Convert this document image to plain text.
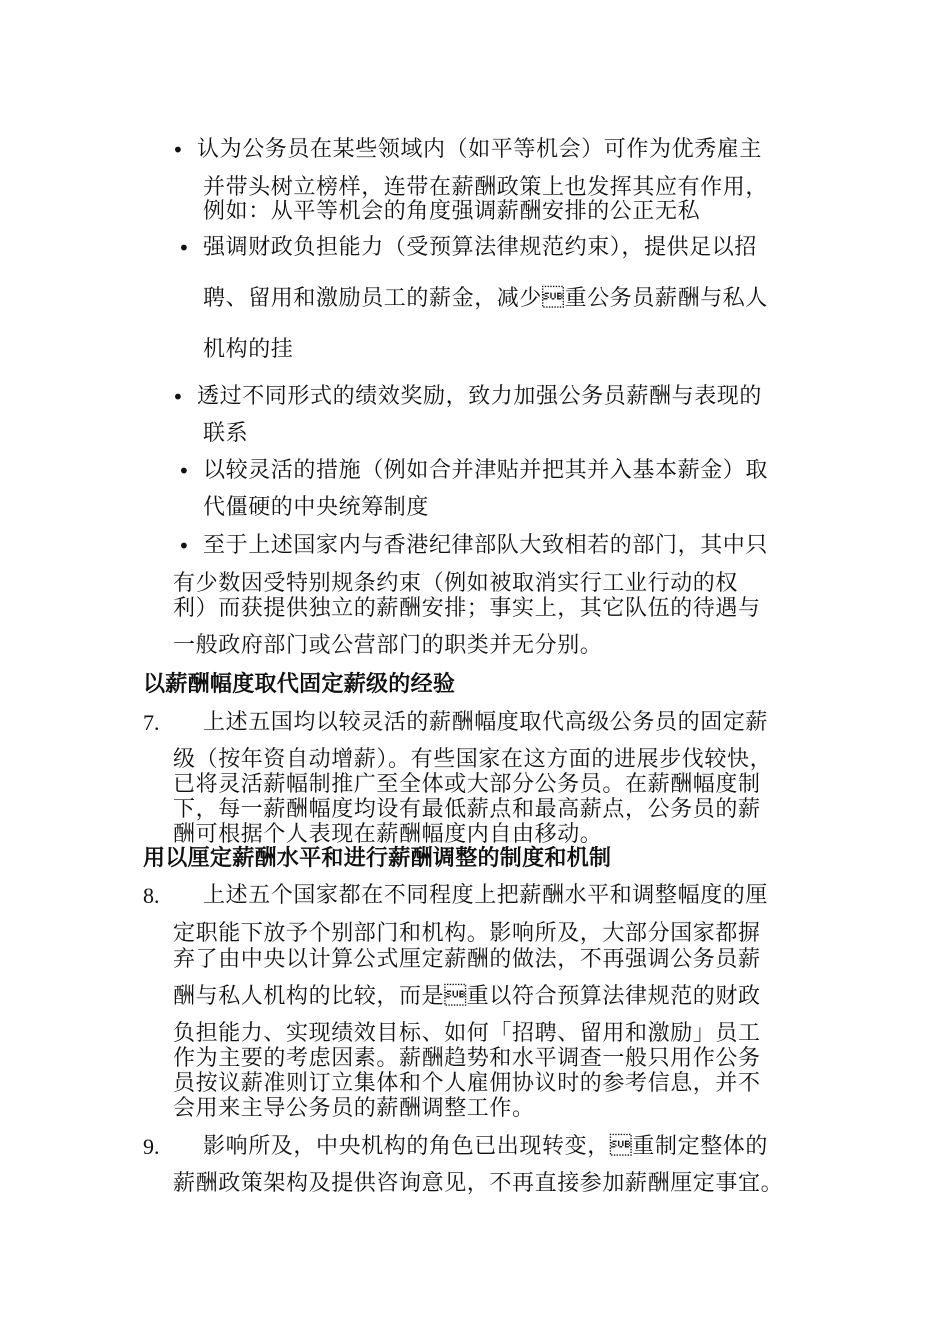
• 认为公务员在某些领域内（如平等机会）可作为优秀雇主
并带头树立榜样，连带在薪酬政策上也发挥其应有作用，
例如：从平等机会的角度强调薪酬安排的公正无私
• 强调财政负担能力（受预算法律规范约束），提供足以招
聘、留用和激励员工的薪金，减少重公务员薪酬与私人
机构的挂
• 透过不同形式的绩效奖励，致力加强公务员薪酬与表现的
联系
• 以较灵活的措施（例如合并津贴并把其并入基本薪金）取
代僵硬的中央统筹制度
• 至于上述国家内与香港纪律部队大致相若的部门，其中只
有少数因受特别规条约束（例如被取消实行工业行动的权
利）而获提供独立的薪酬安排；事实上，其它队伍的待遇与
一般政府部门或公营部门的职类并无分别。
以薪酬幅度取代固定薪级的经验
7. 上述五国均以较灵活的薪酬幅度取代高级公务员的固定薪
级（按年资自动增薪）。有些国家在这方面的进展步伐较快，
已将灵活薪幅制推广至全体或大部分公务员。在薪酬幅度制
下，每一薪酬幅度均设有最低薪点和最高薪点，公务员的薪
酬可根据个人表现在薪酬幅度内自由移动。
用以厘定薪酬水平和进行薪酬调整的制度和机制
8. 上述五个国家都在不同程度上把薪酬水平和调整幅度的厘
定职能下放予个别部门和机构。影响所及，大部分国家都摒
弃了由中央以计算公式厘定薪酬的做法，不再强调公务员薪
酬与私人机构的比较，而是重以符合预算法律规范的财政
负担能力、实现绩效目标、如何「招聘、留用和激励」员工
作为主要的考虑因素。薪酬趋势和水平调查一般只用作公务
员按议薪准则订立集体和个人雇佣协议时的参考信息，并不
会用来主导公务员的薪酬调整工作。
9. 影响所及，中央机构的角色已出现转变，重制定整体的
薪酬政策架构及提供咨询意见，不再直接参加薪酬厘定事宜。
